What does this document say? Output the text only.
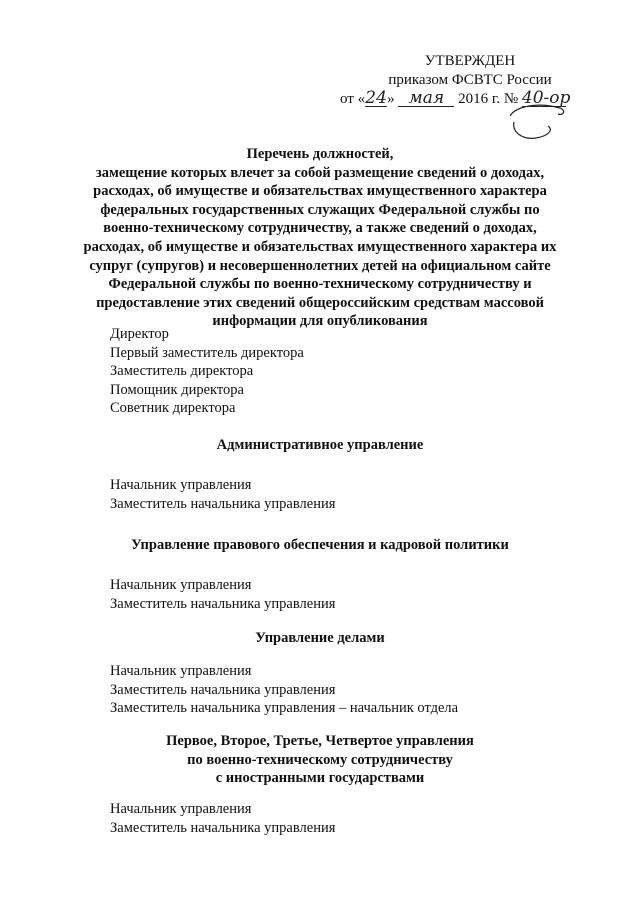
УТВЕРЖДЕН
приказом ФСВТС России
от «24» мая 2016 г. № 40-ор
Перечень должностей,
замещение которых влечет за собой размещение сведений о доходах,
расходах, об имуществе и обязательствах имущественного характера
федеральных государственных служащих Федеральной службы по
военно-техническому сотрудничеству, а также сведений о доходах,
расходах, об имуществе и обязательствах имущественного характера их
супруг (супругов) и несовершеннолетних детей на официальном сайте
Федеральной службы по военно-техническому сотрудничеству и
предоставление этих сведений общероссийским средствам массовой
информации для опубликования
Директор
Первый заместитель директора
Заместитель директора
Помощник директора
Советник директора
Административное управление
Начальник управления
Заместитель начальника управления
Управление правового обеспечения и кадровой политики
Начальник управления
Заместитель начальника управления
Управление делами
Начальник управления
Заместитель начальника управления
Заместитель начальника управления – начальник отдела
Первое, Второе, Третье, Четвертое управления
по военно-техническому сотрудничеству
с иностранными государствами
Начальник управления
Заместитель начальника управления
